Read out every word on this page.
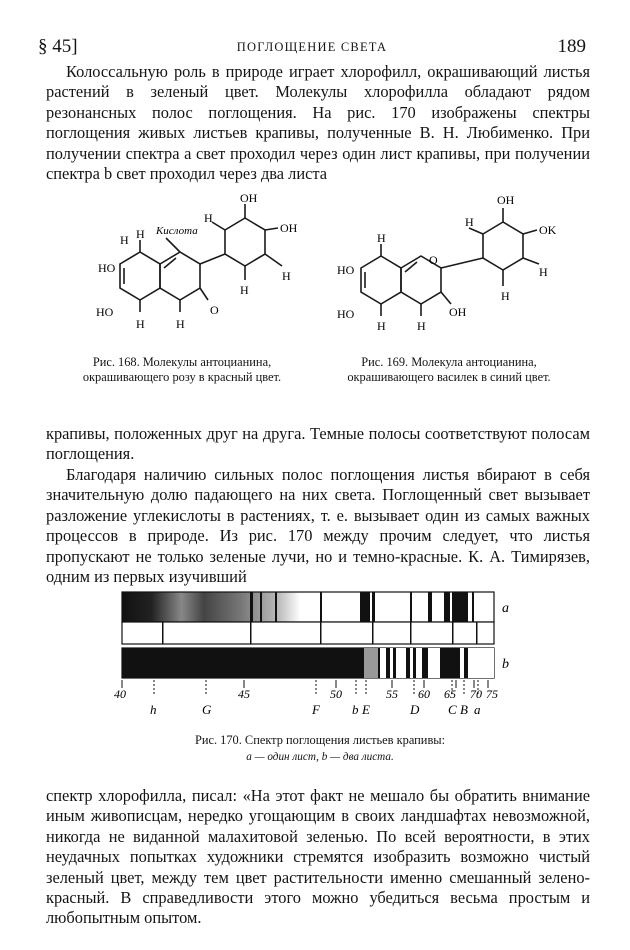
§ 45]	ПОГЛОЩЕНИЕ СВЕТА	189

Колоссальную роль в природе играет хлорофилл, окрашивающий листья растений в зеленый цвет. Молекулы хлорофилла обладают рядом резонансных полос поглощения. На рис. 170 изображены спектры поглощения живых листьев крапивы, полученные В. Н. Любименко. При получении спектра a свет проходил через один лист крапивы, при получении спектра b свет проходил через два листа

OH
OH
H
H
HO
HO
H
H	H
O
H
H
Кислота
OH
H
OK
H
H
H
HO
O
HO
H	H
OH
Рис. 168. Молекулы антоцианина, окрашивающего розу в красный цвет.
Рис. 169. Молекула антоцианина, окрашивающего василек в синий цвет.

крапивы, положенных друг на друга. Темные полосы соответствуют полосам поглощения.

Благодаря наличию сильных полос поглощения листья вбирают в себя значительную долю падающего на них света. Поглощенный свет вызывает разложение углекислоты в растениях, т. е. вызывает один из самых важных процессов в природе. Из рис. 170 между прочим следует, что листья пропускают не только зеленые лучи, но и темно-красные. К. А. Тимирязев, одним из первых изучивший

40	45	50	55 60 65 70 75
h	G	F b E	D C B a
a
b
Рис. 170. Спектр поглощения листьев крапивы:
a — один лист, b — два листа.

спектр хлорофилла, писал: «На этот факт не мешало бы обратить внимание иным живописцам, нередко угощающим в своих ландшафтах невозможной, никогда не виданной малахитовой зеленью. По всей вероятности, в этих неудачных попытках художники стремятся изобразить возможно чистый зеленый цвет, между тем цвет растительности именно смешанный зелено-красный. В справедливости этого можно убедиться весьма простым и любопытным опытом.
